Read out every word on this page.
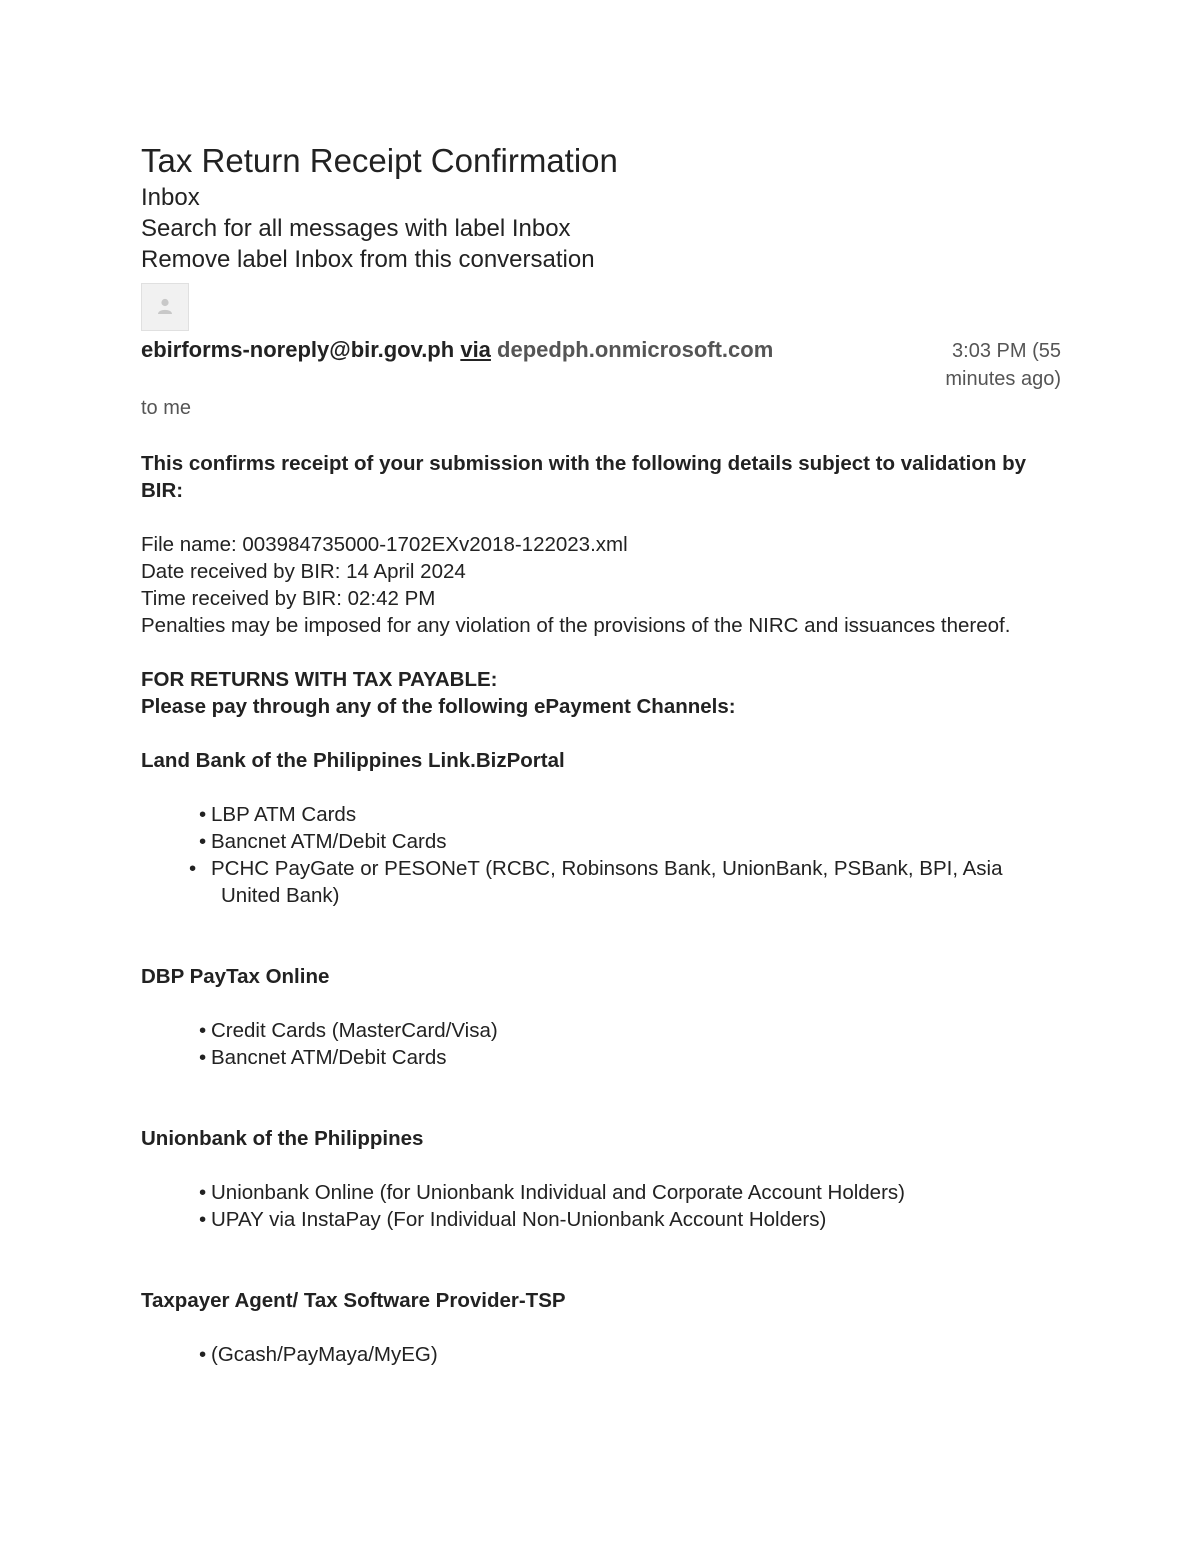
Tax Return Receipt Confirmation
Inbox
Search for all messages with label Inbox
Remove label Inbox from this conversation
ebirforms-noreply@bir.gov.ph via depedph.onmicrosoft.com	3:03 PM (55 minutes ago)
to me
This confirms receipt of your submission with the following details subject to validation by BIR:
File name: 003984735000-1702EXv2018-122023.xml
Date received by BIR: 14 April 2024
Time received by BIR: 02:42 PM
Penalties may be imposed for any violation of the provisions of the NIRC and issuances thereof.
FOR RETURNS WITH TAX PAYABLE:
Please pay through any of the following ePayment Channels:
Land Bank of the Philippines Link.BizPortal
• LBP ATM Cards
• Bancnet ATM/Debit Cards
• PCHC PayGate or PESONeT (RCBC, Robinsons Bank, UnionBank, PSBank, BPI, Asia United Bank)
DBP PayTax Online
• Credit Cards (MasterCard/Visa)
• Bancnet ATM/Debit Cards
Unionbank of the Philippines
• Unionbank Online (for Unionbank Individual and Corporate Account Holders)
• UPAY via InstaPay (For Individual Non-Unionbank Account Holders)
Taxpayer Agent/ Tax Software Provider-TSP
• (Gcash/PayMaya/MyEG)
